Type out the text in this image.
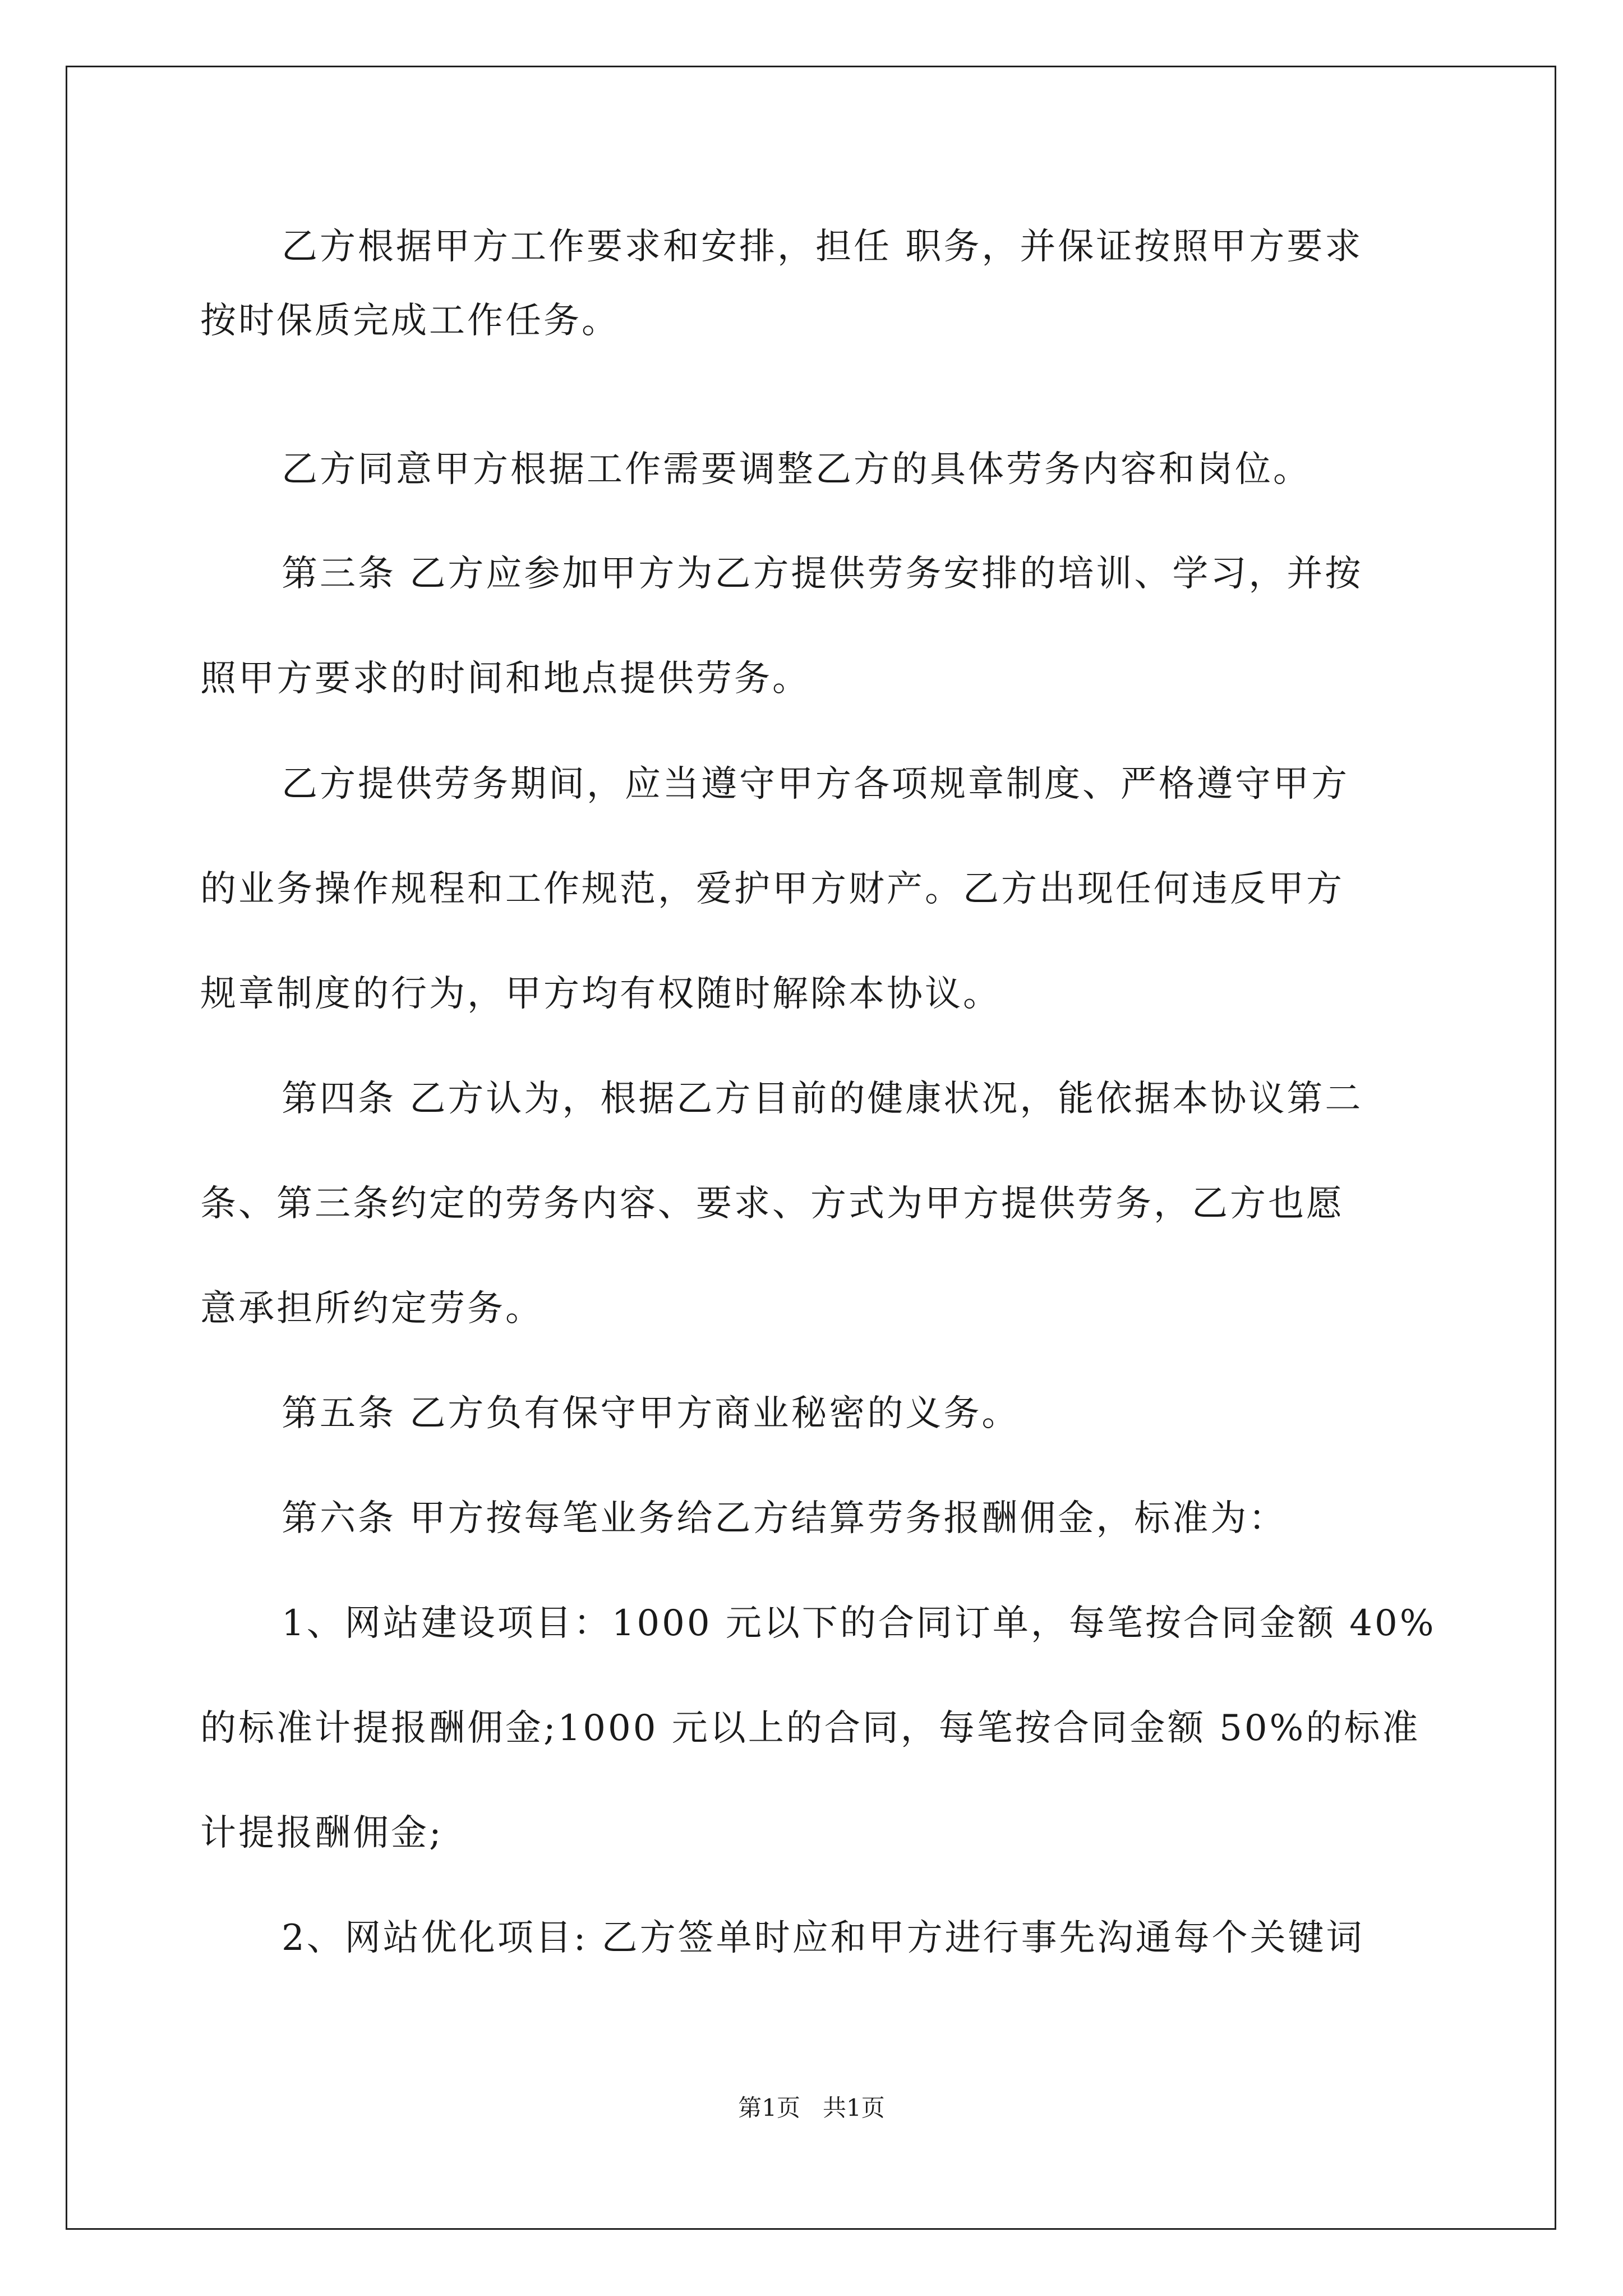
乙方根据甲方工作要求和安排，担任 职务，并保证按照甲方要求
按时保质完成工作任务。
乙方同意甲方根据工作需要调整乙方的具体劳务内容和岗位。
第三条 乙方应参加甲方为乙方提供劳务安排的培训、学习，并按
照甲方要求的时间和地点提供劳务。
乙方提供劳务期间，应当遵守甲方各项规章制度、严格遵守甲方
的业务操作规程和工作规范，爱护甲方财产。乙方出现任何违反甲方
规章制度的行为，甲方均有权随时解除本协议。
第四条 乙方认为，根据乙方目前的健康状况，能依据本协议第二
条、第三条约定的劳务内容、要求、方式为甲方提供劳务，乙方也愿
意承担所约定劳务。
第五条 乙方负有保守甲方商业秘密的义务。
第六条 甲方按每笔业务给乙方结算劳务报酬佣金，标准为：
1、网站建设项目：1000 元以下的合同订单，每笔按合同金额 40%
的标准计提报酬佣金;1000 元以上的合同，每笔按合同金额 50%的标准
计提报酬佣金;
2、网站优化项目: 乙方签单时应和甲方进行事先沟通每个关键词
第1页   共1页
